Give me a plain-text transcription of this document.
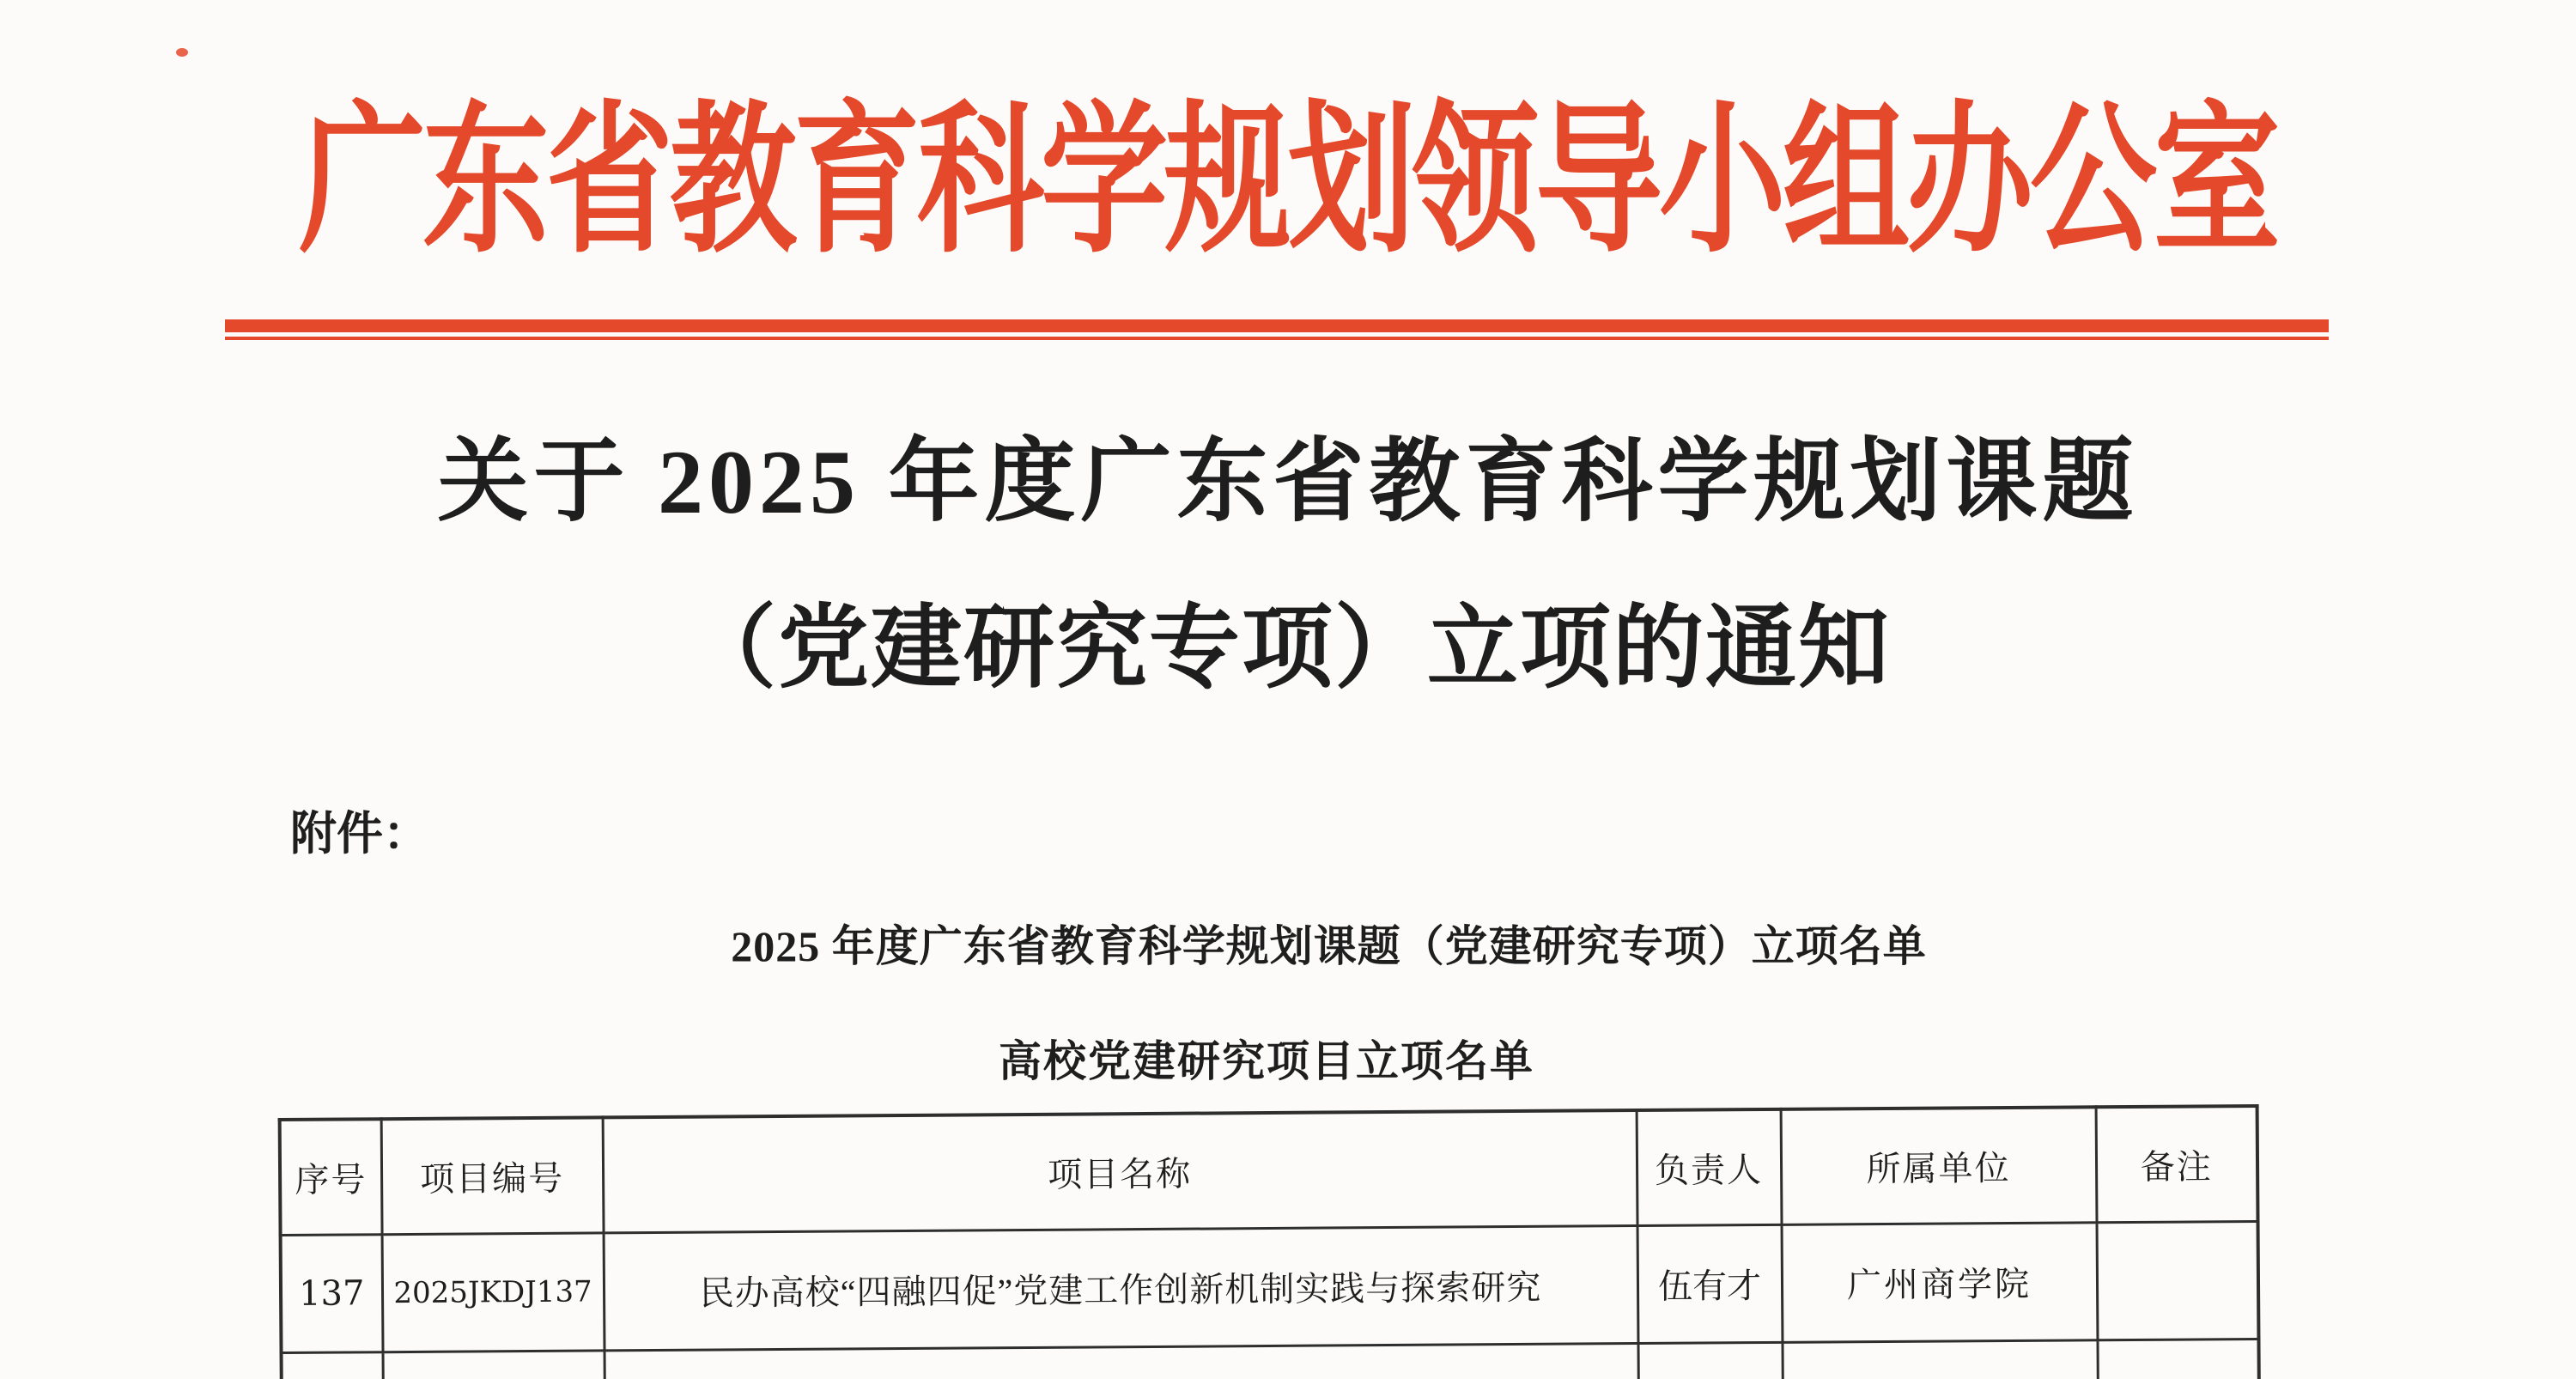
广东省教育科学规划领导小组办公室
关于 2025 年度广东省教育科学规划课题
（党建研究专项）立项的通知
附件：
2025 年度广东省教育科学规划课题（党建研究专项）立项名单
高校党建研究项目立项名单
序号	项目编号	项目名称	负责人	所属单位	备注
137	2025JKDJ137	民办高校“四融四促”党建工作创新机制实践与探索研究	伍有才	广州商学院	
